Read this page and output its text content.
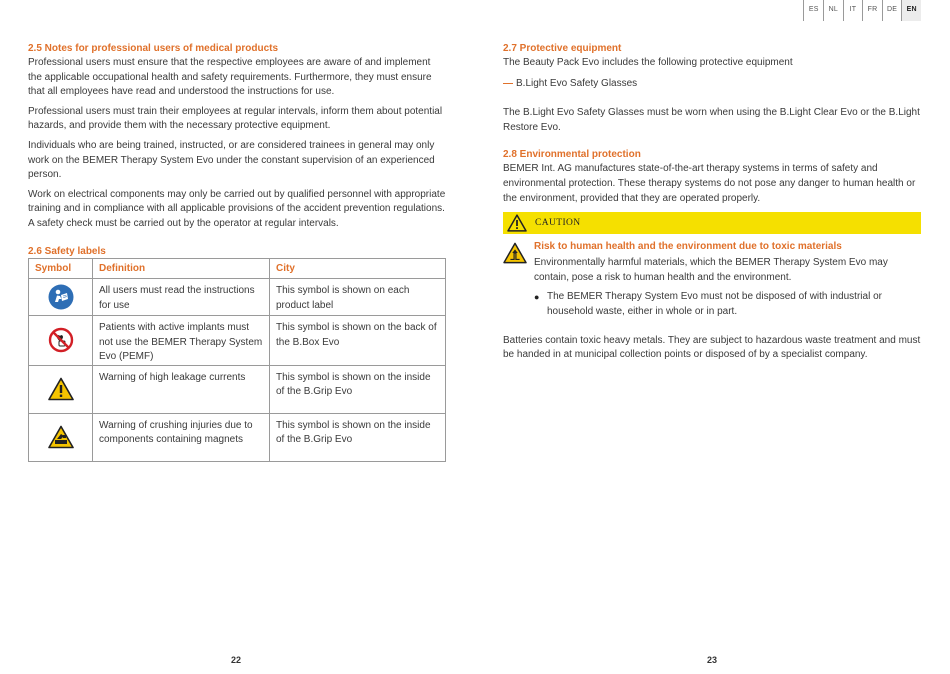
ES	NL	IT	FR	DE	EN
2.5 Notes for professional users of medical products

Professional users must ensure that the respective employees are aware of and implement the applicable occupational health and safety requirements. Furthermore, they must ensure that all employees have read and understood the instructions for use.

Professional users must train their employees at regular intervals, inform them about potential hazards, and provide them with the necessary protective equipment.

Individuals who are being trained, instructed, or are considered trainees in general may only work on the BEMER Therapy System Evo under the constant supervision of an experienced person.

Work on electrical components may only be carried out by qualified personnel with appropriate training and in compliance with all applicable provisions of the accident prevention regulations. A safety check must be carried out by the operator at regular intervals.

2.6 Safety labels
Symbol	Definition	City

	All users must read the instructions for use	This symbol is shown on each product label

	Patients with active implants must not use the BEMER Therapy System Evo (PEMF)	This symbol is shown on the back of the B.Box Evo

	Warning of high leakage currents	This symbol is shown on the inside of the B.Grip Evo

	Warning of crushing injuries due to components containing magnets	This symbol is shown on the inside of the B.Grip Evo
22
2.7 Protective equipment

The Beauty Pack Evo includes the following protective equipment

— B.Light Evo Safety Glasses

The B.Light Evo Safety Glasses must be worn when using the B.Light Clear Evo or the B.Light Restore Evo.

2.8 Environmental protection

BEMER Int. AG manufactures state-of-the-art therapy systems in terms of safety and environmental protection. These therapy systems do not pose any danger to human health or the environment, provided that they are operated properly.

CAUTION
Risk to human health and the environment due to toxic materials

Environmentally harmful materials, which the BEMER Therapy System Evo may contain, pose a risk to human health and the environment.

● The BEMER Therapy System Evo must not be disposed of with industrial or household waste, either in whole or in part.

Batteries contain toxic heavy metals. They are subject to hazardous waste treatment and must be handed in at municipal collection points or disposed of by a specialist company.

23
